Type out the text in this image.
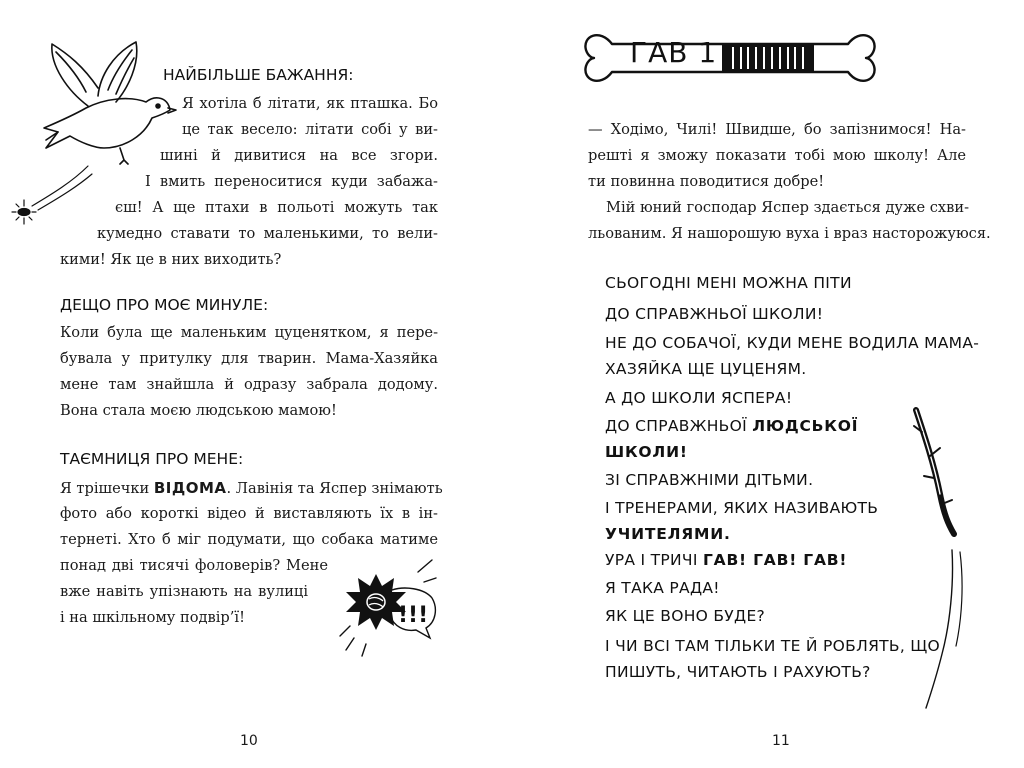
НАЙБІЛЬШЕ БАЖАННЯ:
Я хотіла б літати, як пташка. Бо
це так весело: літати собі у ви-
шині й дивитися на все згори.
І вмить переноситися куди забажа-
єш! А ще птахи в польоті можуть так
кумедно ставати то маленькими, то вели-
кими! Як це в них виходить?
ДЕЩО ПРО МОЄ МИНУЛЕ:
Коли була ще маленьким цуценятком, я пере-
бувала у притулку для тварин. Мама-Хазяйка
мене там знайшла й одразу забрала додому.
Вона стала моєю людською мамою!
ТАЄМНИЦЯ ПРО МЕНЕ:
Я трішечки ВІДОМА. Лавінія та Яспер знімають
фото або короткі відео й виставляють їх в ін-
тернеті. Хто б міг подумати, що собака матиме
понад дві тисячі фоловерів? Мене
вже навіть упізнають на вулиці
і на шкільному подвір’ї!	!!!
10
ГАВ 1
— Ходімо, Чилі! Швидше, бо запізнимося! На-
решті я зможу показати тобі мою школу! Але
ти повинна поводитися добре!
Мій юний господар Яспер здається дуже схви-
льованим. Я нашорошую вуха і враз насторожуюся.
11
СЬОГОДНІ МЕНІ МОЖНА ПІТИ
ДО СПРАВЖНЬОЇ ШКОЛИ!
НЕ ДО СОБАЧОЇ, КУДИ МЕНЕ ВОДИЛА МАМА-
ХАЗЯЙКА ЩЕ ЦУЦЕНЯМ.
А ДО ШКОЛИ ЯСПЕРА!
ДО СПРАВЖНЬОЇ ЛЮДСЬКОЇ
ШКОЛИ!
ЗІ СПРАВЖНІМИ ДІТЬМИ.
І ТРЕНЕРАМИ, ЯКИХ НАЗИВАЮТЬ
УЧИТЕЛЯМИ.
УРА І ТРИЧІ ГАВ! ГАВ! ГАВ!
Я ТАКА РАДА!
ЯК ЦЕ ВОНО БУДЕ?
І ЧИ ВСІ ТАМ ТІЛЬКИ ТЕ Й РОБЛЯТЬ, ЩО
ПИШУТЬ, ЧИТАЮТЬ І РАХУЮТЬ?
